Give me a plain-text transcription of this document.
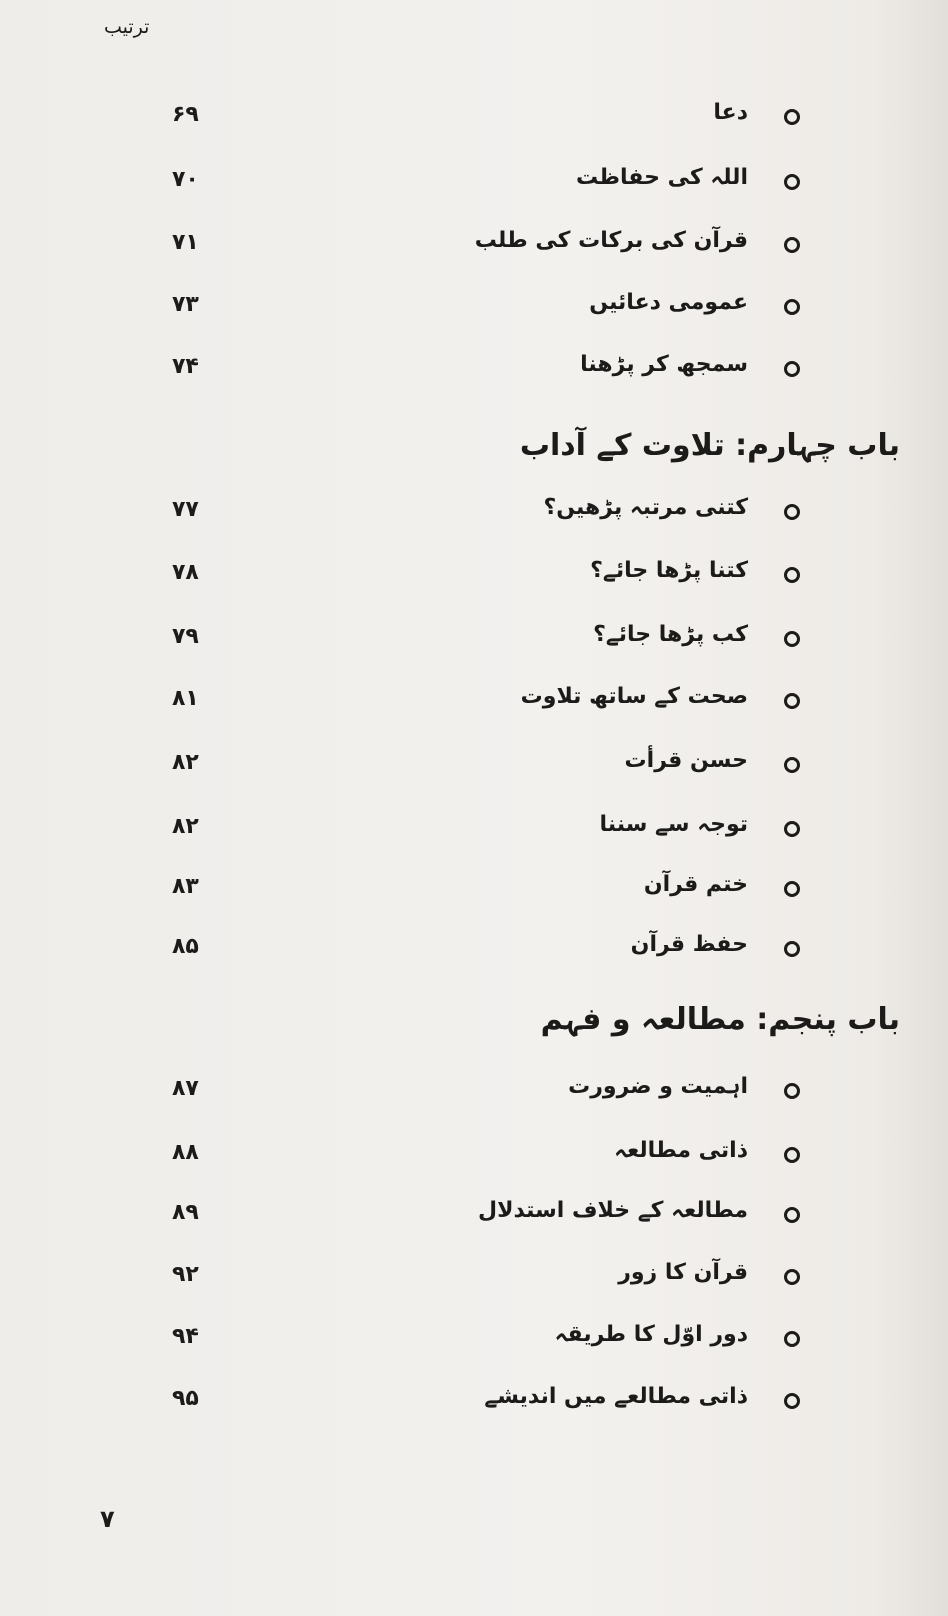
ترتیب
دعا
۶۹
اللہ کی حفاظت
۷۰
قرآن کی برکات کی طلب
۷۱
عمومی دعائیں
۷۳
سمجھ کر پڑھنا
۷۴
باب چہارم: تلاوت کے آداب
کتنی مرتبہ پڑھیں؟
۷۷
کتنا پڑھا جائے؟
۷۸
کب پڑھا جائے؟
۷۹
صحت کے ساتھ تلاوت
۸۱
حسن قرأت
۸۲
توجہ سے سننا
۸۲
ختم قرآن
۸۳
حفظ قرآن
۸۵
باب پنجم: مطالعہ و فہم
اہمیت و ضرورت
۸۷
ذاتی مطالعہ
۸۸
مطالعہ کے خلاف استدلال
۸۹
قرآن کا زور
۹۲
دور اوّل کا طریقہ
۹۴
ذاتی مطالعے میں اندیشے
۹۵
۷
